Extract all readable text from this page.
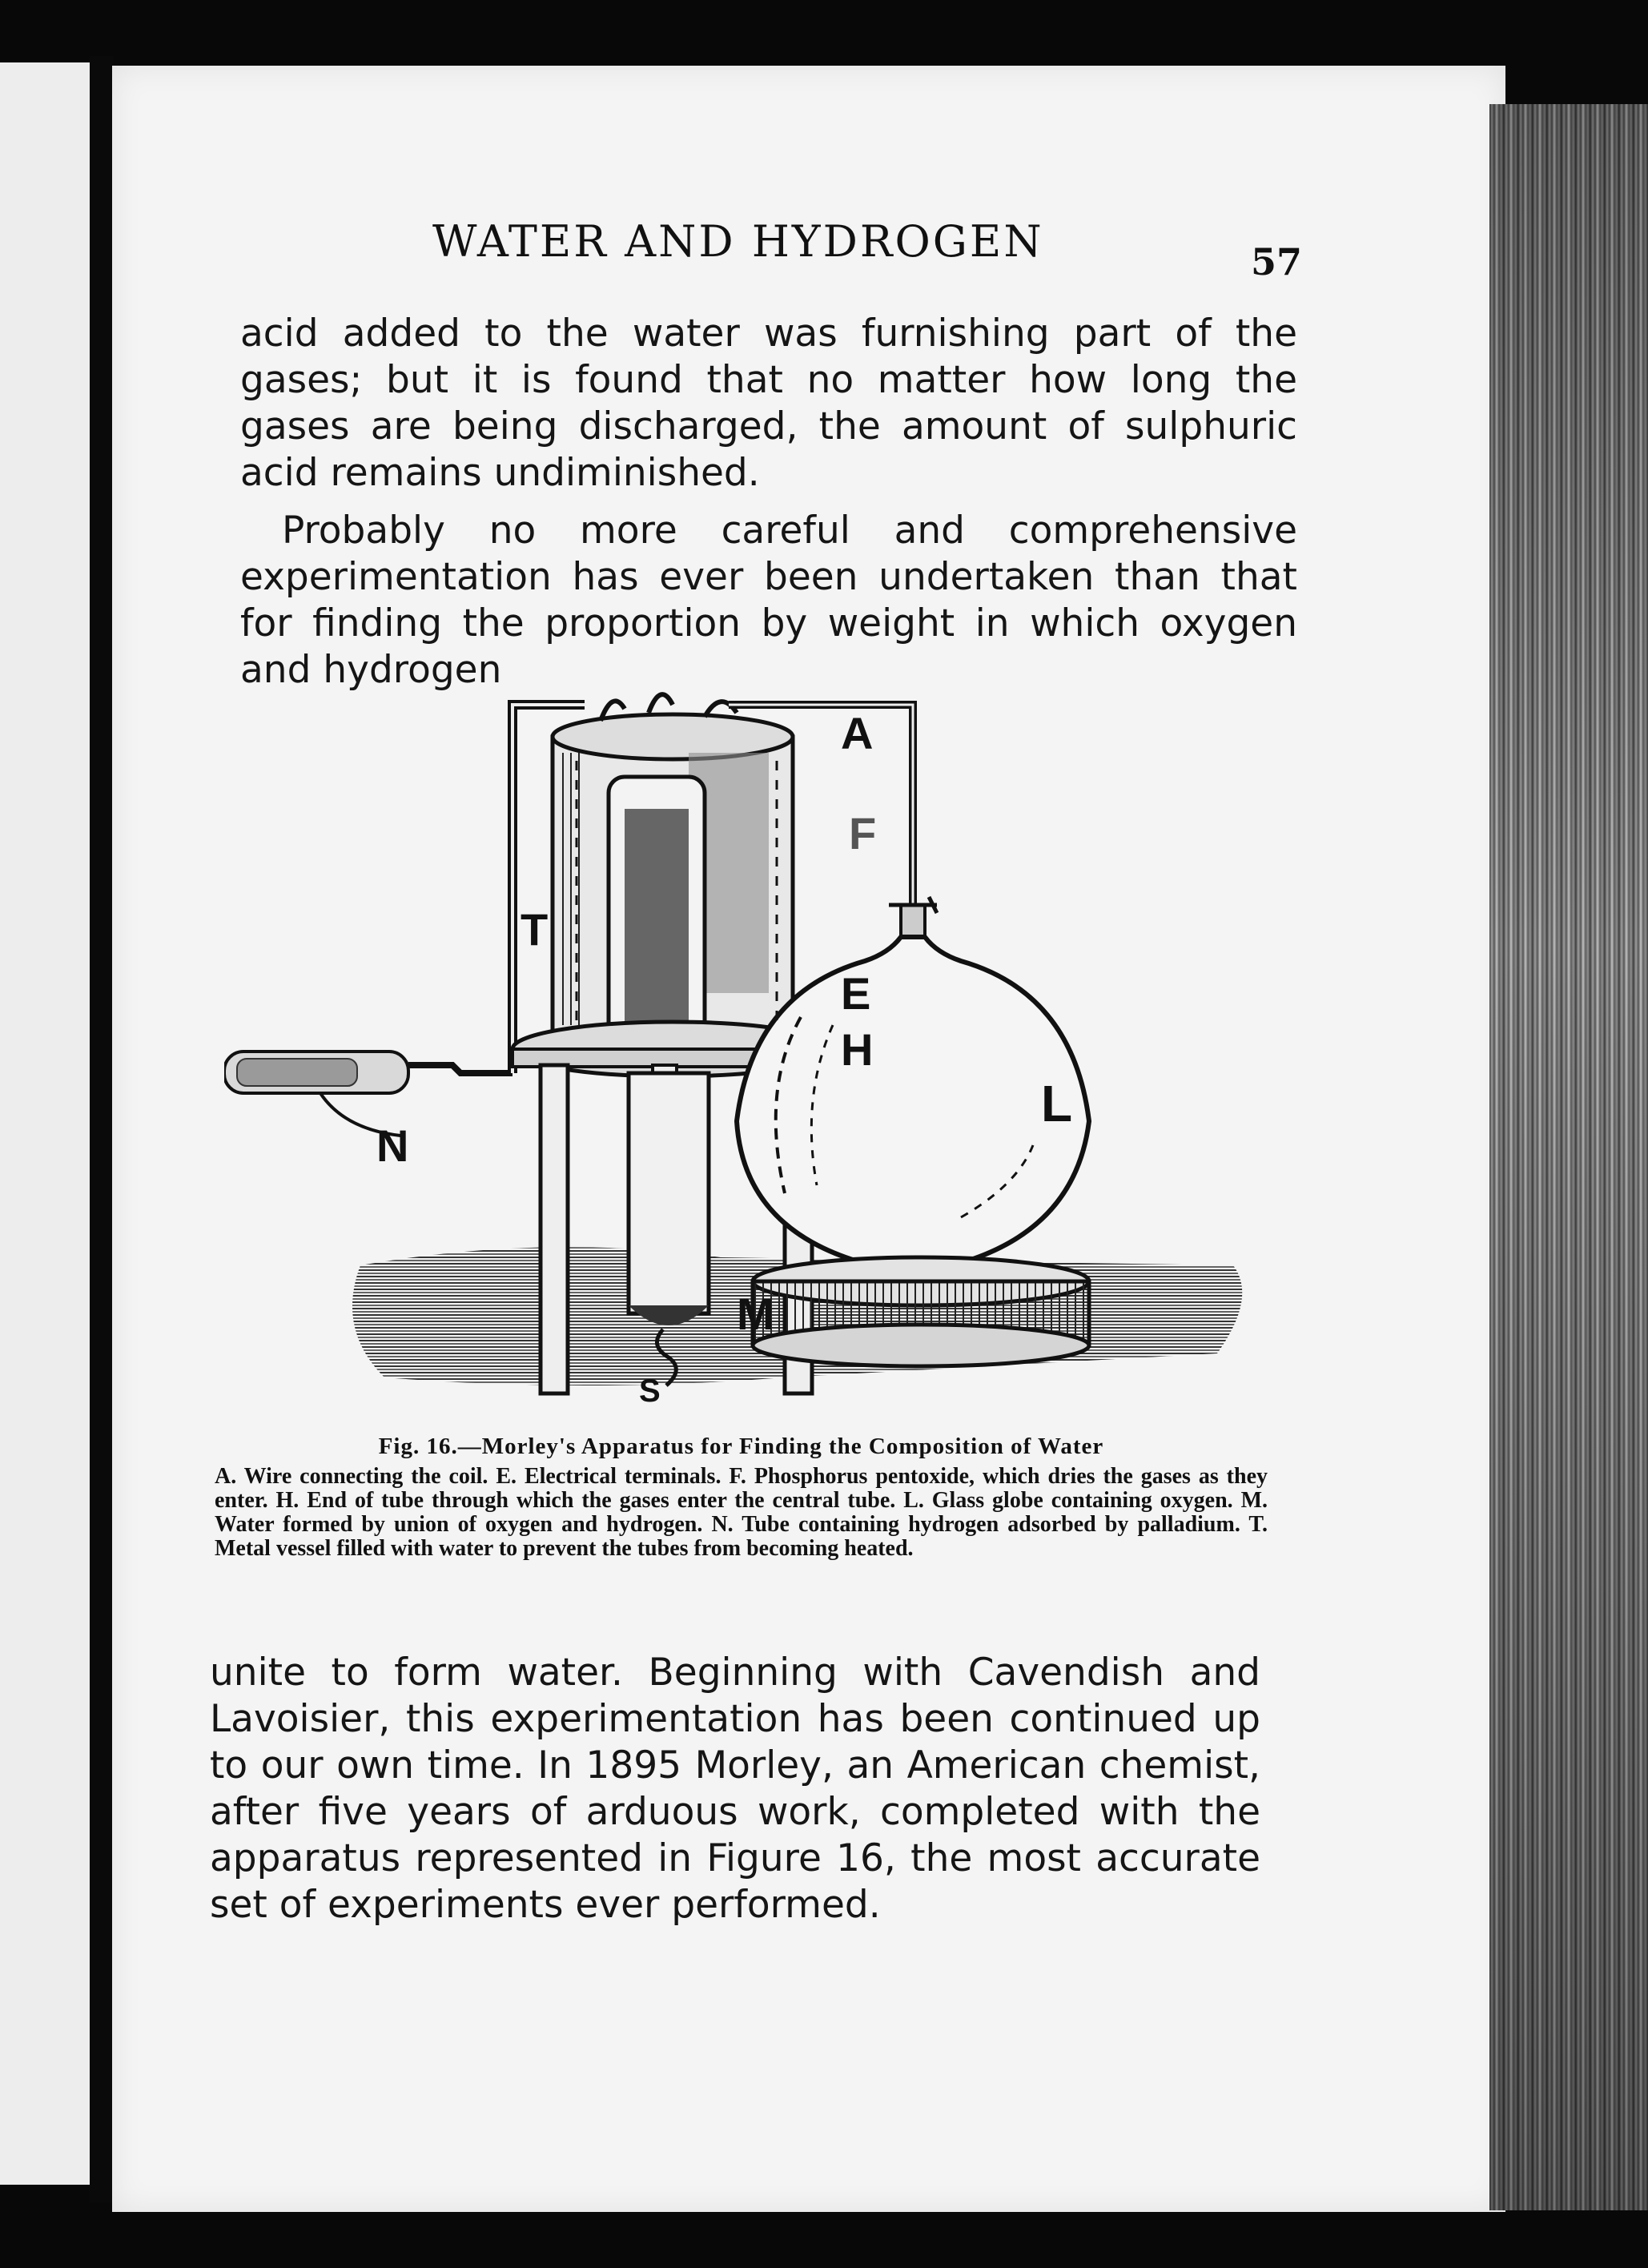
WATER AND HYDROGEN	57

acid added to the water was furnishing part of the gases; but it is found that no matter how long the gases are being discharged, the amount of sulphuric acid remains undiminished.

Probably no more careful and comprehensive experimentation has ever been undertaken than that for finding the proportion by weight in which oxygen and hydrogen

A
F
T
E
H
L
N
M
S

Fig. 16.—Morley's Apparatus for Finding the Composition of Water

A. Wire connecting the coil. E. Electrical terminals. F. Phosphorus pentoxide, which dries the gases as they enter. H. End of tube through which the gases enter the central tube. L. Glass globe containing oxygen. M. Water formed by union of oxygen and hydrogen. N. Tube containing hydrogen adsorbed by palladium. T. Metal vessel filled with water to prevent the tubes from becoming heated.

unite to form water. Beginning with Cavendish and Lavoisier, this experimentation has been continued up to our own time. In 1895 Morley, an American chemist, after five years of arduous work, completed with the apparatus represented in Figure 16, the most accurate set of experiments ever performed.
